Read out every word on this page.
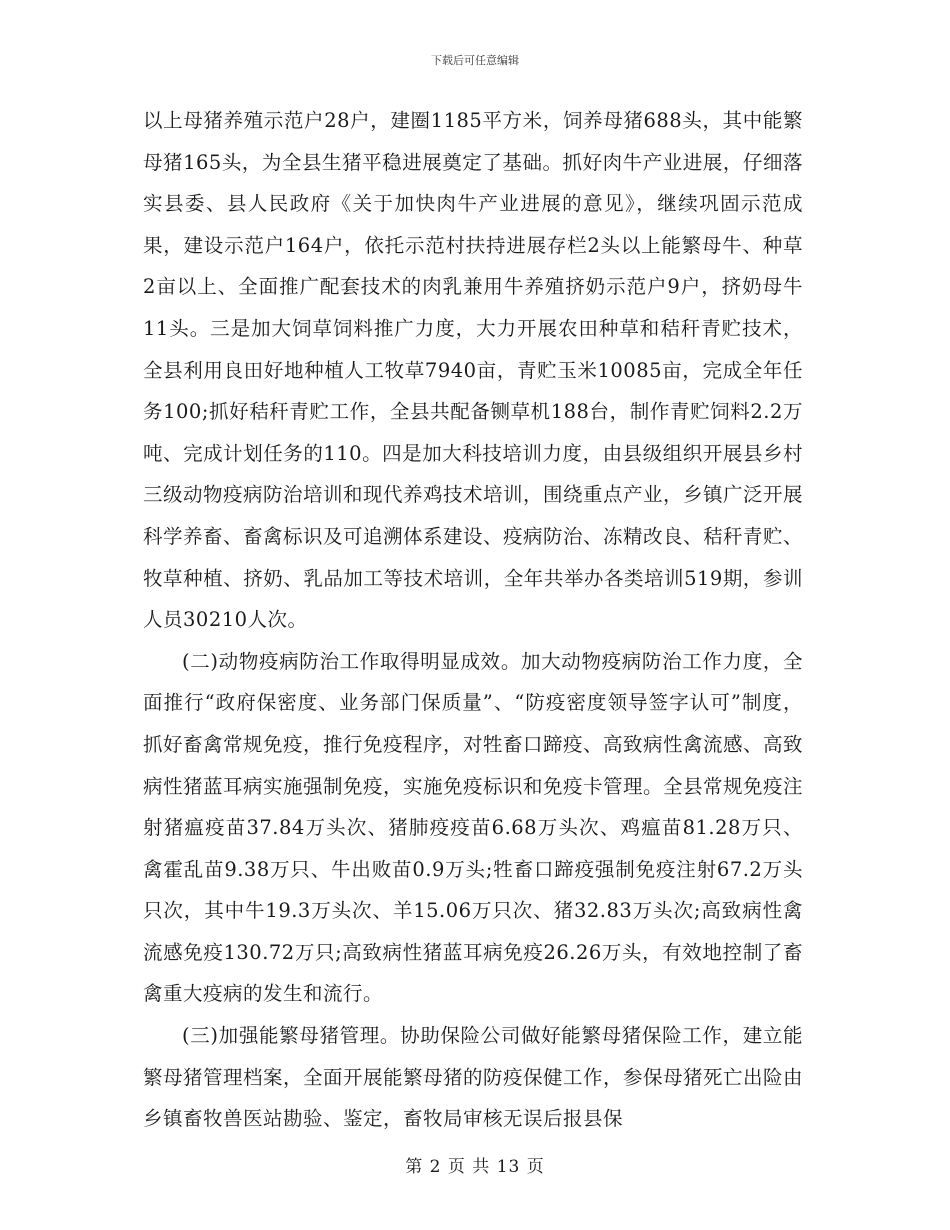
下载后可任意编辑

以上母猪养殖示范户28户，建圈1185平方米，饲养母猪688头，其中能繁母猪165头，为全县生猪平稳进展奠定了基础。抓好肉牛产业进展，仔细落实县委、县人民政府《关于加快肉牛产业进展的意见》，继续巩固示范成果，建设示范户164户，依托示范村扶持进展存栏2头以上能繁母牛、种草2亩以上、全面推广配套技术的肉乳兼用牛养殖挤奶示范户9户，挤奶母牛11头。三是加大饲草饲料推广力度，大力开展农田种草和秸秆青贮技术，全县利用良田好地种植人工牧草7940亩，青贮玉米10085亩，完成全年任务100;抓好秸秆青贮工作，全县共配备铡草机188台，制作青贮饲料2.2万吨、完成计划任务的110。四是加大科技培训力度，由县级组织开展县乡村三级动物疫病防治培训和现代养鸡技术培训，围绕重点产业，乡镇广泛开展科学养畜、畜禽标识及可追溯体系建设、疫病防治、冻精改良、秸秆青贮、牧草种植、挤奶、乳品加工等技术培训，全年共举办各类培训519期，参训人员30210人次。

(二)动物疫病防治工作取得明显成效。加大动物疫病防治工作力度，全面推行“政府保密度、业务部门保质量”、“防疫密度领导签字认可”制度，抓好畜禽常规免疫，推行免疫程序，对牲畜口蹄疫、高致病性禽流感、高致病性猪蓝耳病实施强制免疫，实施免疫标识和免疫卡管理。全县常规免疫注射猪瘟疫苗37.84万头次、猪肺疫疫苗6.68万头次、鸡瘟苗81.28万只、禽霍乱苗9.38万只、牛出败苗0.9万头;牲畜口蹄疫强制免疫注射67.2万头只次，其中牛19.3万头次、羊15.06万只次、猪32.83万头次;高致病性禽流感免疫130.72万只;高致病性猪蓝耳病免疫26.26万头，有效地控制了畜禽重大疫病的发生和流行。

(三)加强能繁母猪管理。协助保险公司做好能繁母猪保险工作，建立能繁母猪管理档案，全面开展能繁母猪的防疫保健工作，参保母猪死亡出险由乡镇畜牧兽医站勘验、鉴定，畜牧局审核无误后报县保

第 2 页 共 13 页
